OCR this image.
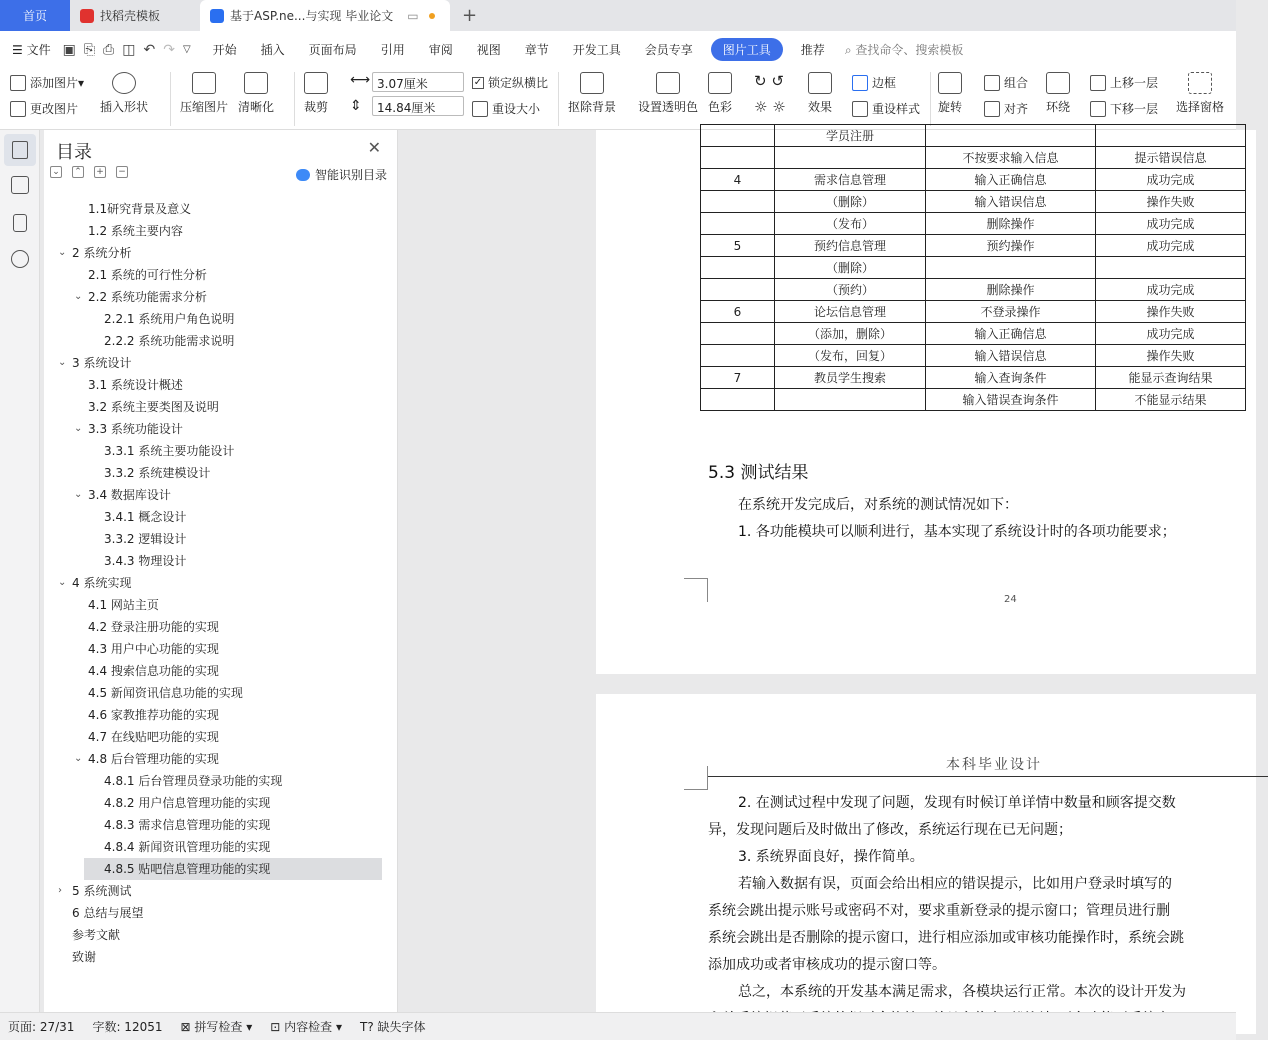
首页	找稻壳模板	基于ASP.ne...与实现 毕业论文 ▭	+
☰ 文件 ▣ ⎘ ⎙ ◫ ↶ ↷ ▽	开始	插入	页面布局	引用	审阅	视图	章节	开发工具	会员专享	图片工具	推荐	⌕ 查找命令、搜索模板
添加图片 ▾
更改图片 插入形状	压缩图片 清晰化 裁剪
⟷ 3.07厘米
⇕	14.84厘米
✓ 锁定纵横比
重设大小 抠除背景 设置透明色 色彩
↻ ↺
☼ ☼ 效果
边框
重设样式 旋转
组合
对齐 环绕
上移一层
下移一层 选择窗格
目录	✕
⌄ ⌃ + −	智能识别目录
1.1研究背景及意义
1.2 系统主要内容
⌄ 2 系统分析
2.1 系统的可行性分析
⌄ 2.2 系统功能需求分析
2.2.1 系统用户角色说明
2.2.2 系统功能需求说明
⌄ 3 系统设计
3.1 系统设计概述
3.2 系统主要类图及说明
⌄ 3.3 系统功能设计
3.3.1 系统主要功能设计
3.3.2 系统建模设计
⌄ 3.4 数据库设计
3.4.1 概念设计
3.3.2 逻辑设计
3.4.3 物理设计
⌄ 4 系统实现
4.1 网站主页
4.2 登录注册功能的实现
4.3 用户中心功能的实现
4.4 搜索信息功能的实现
4.5 新闻资讯信息功能的实现
4.6 家教推荐功能的实现
4.7 在线贴吧功能的实现
⌄ 4.8 后台管理功能的实现
4.8.1 后台管理员登录功能的实现
4.8.2 用户信息管理功能的实现
4.8.3 需求信息管理功能的实现
4.8.4 新闻资讯管理功能的实现
4.8.5 贴吧信息管理功能的实现
› 5 系统测试
6 总结与展望
参考文献
致谢
	学员注册		
		不按要求输入信息	提示错误信息
4	需求信息管理	输入正确信息	成功完成
	（删除）	输入错误信息	操作失败
	（发布）	删除操作	成功完成
5	预约信息管理	预约操作	成功完成
	（删除）		
	（预约）	删除操作	成功完成
6	论坛信息管理	不登录操作	操作失败
	（添加，删除）	输入正确信息	成功完成
	（发布，回复）	输入错误信息	操作失败
7	教员学生搜索	输入查询条件	能显示查询结果
		输入错误查询条件	不能显示结果
5.3 测试结果
在系统开发完成后，对系统的测试情况如下：
1. 各功能模块可以顺利进行，基本实现了系统设计时的各项功能要求；
24
本科毕业设计
2. 在测试过程中发现了问题，发现有时候订单详情中数量和顾客提交数
异，发现问题后及时做出了修改，系统运行现在已无问题；
3. 系统界面良好，操作简单。
若输入数据有误，页面会给出相应的错误提示，比如用户登录时填写的
系统会跳出提示账号或密码不对，要求重新登录的提示窗口；管理员进行删
系统会跳出是否删除的提示窗口，进行相应添加或审核功能操作时，系统会跳
添加成功或者审核成功的提示窗口等。
总之，本系统的开发基本满足需求，各模块运行正常。本次的设计开发为
页面: 27/31 字数: 12051 ⊠ 拼写检查 ▾ ⊡ 内容检查 ▾ T? 缺失字体
